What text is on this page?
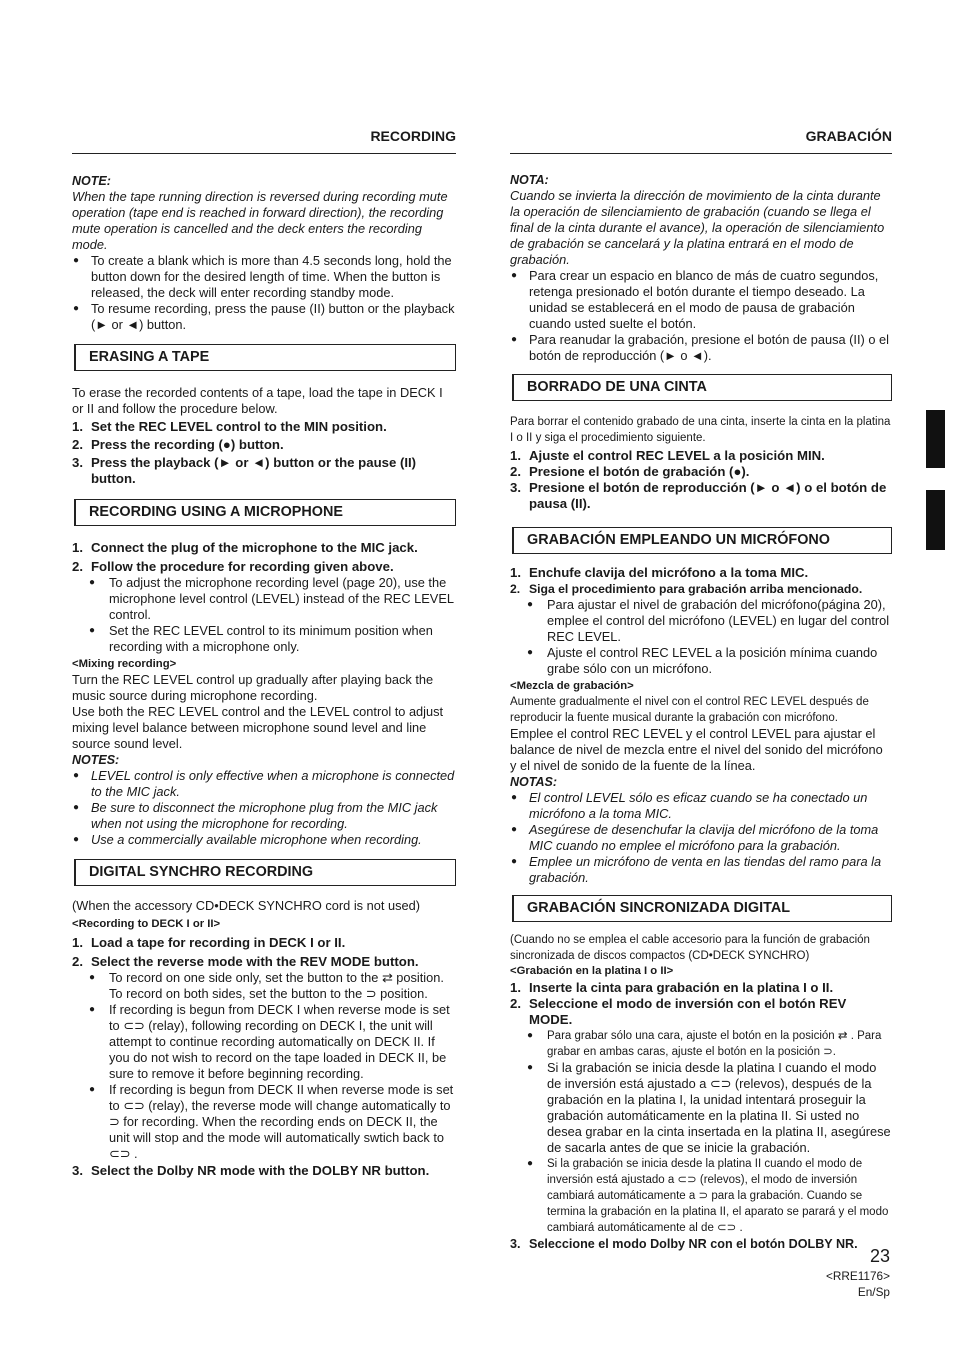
RECORDING
NOTE:

When the tape running direction is reversed during recording mute operation (tape end is reached in forward direction), the recording mute operation is cancelled and the deck enters the recording mode.

● To create a blank which is more than 4.5 seconds long, hold the button down for the desired length of time. When the button is released, the deck will enter recording standby mode.
● To resume recording, press the pause (II) button or the playback (► or ◄) button.
ERASING A TAPE

To erase the recorded contents of a tape, load the tape in DECK I or II and follow the procedure below.

1. Set the REC LEVEL control to the MIN position.
2. Press the recording (●) button.
3. Press the playback (► or ◄) button or the pause (II) button.
RECORDING USING A MICROPHONE
1. Connect the plug of the microphone to the MIC jack.
2. Follow the procedure for recording given above.
● To adjust the microphone recording level (page 20), use the microphone level control (LEVEL) instead of the REC LEVEL control.
● Set the REC LEVEL control to its minimum position when recording with a microphone only.
<Mixing recording>

Turn the REC LEVEL control up gradually after playing back the music source during microphone recording.

Use both the REC LEVEL control and the LEVEL control to adjust mixing level balance between microphone sound level and line source sound level.

NOTES:
● LEVEL control is only effective when a microphone is connected to the MIC jack.
● Be sure to disconnect the microphone plug from the MIC jack when not using the microphone for recording.
● Use a commercially available microphone when recording.
DIGITAL SYNCHRO RECORDING

(When the accessory CD•DECK SYNCHRO cord is not used)

<Recording to DECK I or II>
1. Load a tape for recording in DECK I or II.
2. Select the reverse mode with the REV MODE button.
● To record on one side only, set the button to the ⇄ position. To record on both sides, set the button to the ⊃ position.
● If recording is begun from DECK I when reverse mode is set to ⊂⊃ (relay), following recording on DECK I, the unit will attempt to continue recording automatically on DECK II. If you do not wish to record on the tape loaded in DECK II, be sure to remove it before beginning recording.
● If recording is begun from DECK II when reverse mode is set to ⊂⊃ (relay), the reverse mode will change automatically to ⊃ for recording. When the recording ends on DECK II, the unit will stop and the mode will automatically swtich back to ⊂⊃ .
3. Select the Dolby NR mode with the DOLBY NR button.
GRABACIÓN
NOTA:

Cuando se invierta la dirección de movimiento de la cinta durante la operación de silenciamiento de grabación (cuando se llega el final de la cinta durante el avance), la operación de silenciamiento de grabación se cancelará y la platina entrará en el modo de grabación.

● Para crear un espacio en blanco de más de cuatro segundos, retenga presionado el botón durante el tiempo deseado. La unidad se establecerá en el modo de pausa de grabación cuando usted suelte el botón.
● Para reanudar la grabación, presione el botón de pausa (II) o el botón de reproducción (► o ◄).
BORRADO DE UNA CINTA

Para borrar el contenido grabado de una cinta, inserte la cinta en la platina I o II y siga el procedimiento siguiente.

1. Ajuste el control REC LEVEL a la posición MIN.
2. Presione el botón de grabación (●).
3. Presione el botón de reproducción (► o ◄) o el botón de pausa (II).
GRABACIÓN EMPLEANDO UN MICRÓFONO
1. Enchufe clavija del micrófono a la toma MIC.
2. Siga el procedimiento para grabación arriba mencionado.
● Para ajustar el nivel de grabación del micrófono(página 20), emplee el control del micrófono (LEVEL) en lugar del control REC LEVEL.
● Ajuste el control REC LEVEL a la posición mínima cuando grabe sólo con un micrófono.
<Mezcla de grabación>

Aumente gradualmente el nivel con el control REC LEVEL después de reproducir la fuente musical durante la grabación con micrófono.

Emplee el control REC LEVEL y el control LEVEL para ajustar el balance de nivel de mezcla entre el nivel del sonido del micrófono y el nivel de sonido de la fuente de la línea.

NOTAS:
● El control LEVEL sólo es eficaz cuando se ha conectado un micrófono a la toma MIC.
● Asegúrese de desenchufar la clavija del micrófono de la toma MIC cuando no emplee el micrófono para la grabación.
● Emplee un micrófono de venta en las tiendas del ramo para la grabación.
GRABACIÓN SINCRONIZADA DIGITAL

(Cuando no se emplea el cable accesorio para la función de grabación sincronizada de discos compactos (CD•DECK SYNCHRO)

<Grabación en la platina I o II>
1. Inserte la cinta para grabación en la platina I o II.
2. Seleccione el modo de inversión con el botón REV MODE.
● Para grabar sólo una cara, ajuste el botón en la posición ⇄ . Para grabar en ambas caras, ajuste el botón en la posición ⊃.
● Si la grabación se inicia desde la platina I cuando el modo de inversión está ajustado a ⊂⊃ (relevos), después de la grabación en la platina I, la unidad intentará proseguir la grabación automáticamente en la platina II. Si usted no desea grabar en la cinta insertada en la platina II, asegúrese de sacarla antes de que se inicie la grabación.
● Si la grabación se inicia desde la platina II cuando el modo de inversión está ajustado a ⊂⊃ (relevos), el modo de inversión cambiará automáticamente a ⊃ para la grabación. Cuando se termina la grabación en la platina II, el aparato se parará y el modo cambiará automáticamente al de ⊂⊃ .
3. Seleccione el modo Dolby NR con el botón DOLBY NR.
23
<RRE1176>
En/Sp
